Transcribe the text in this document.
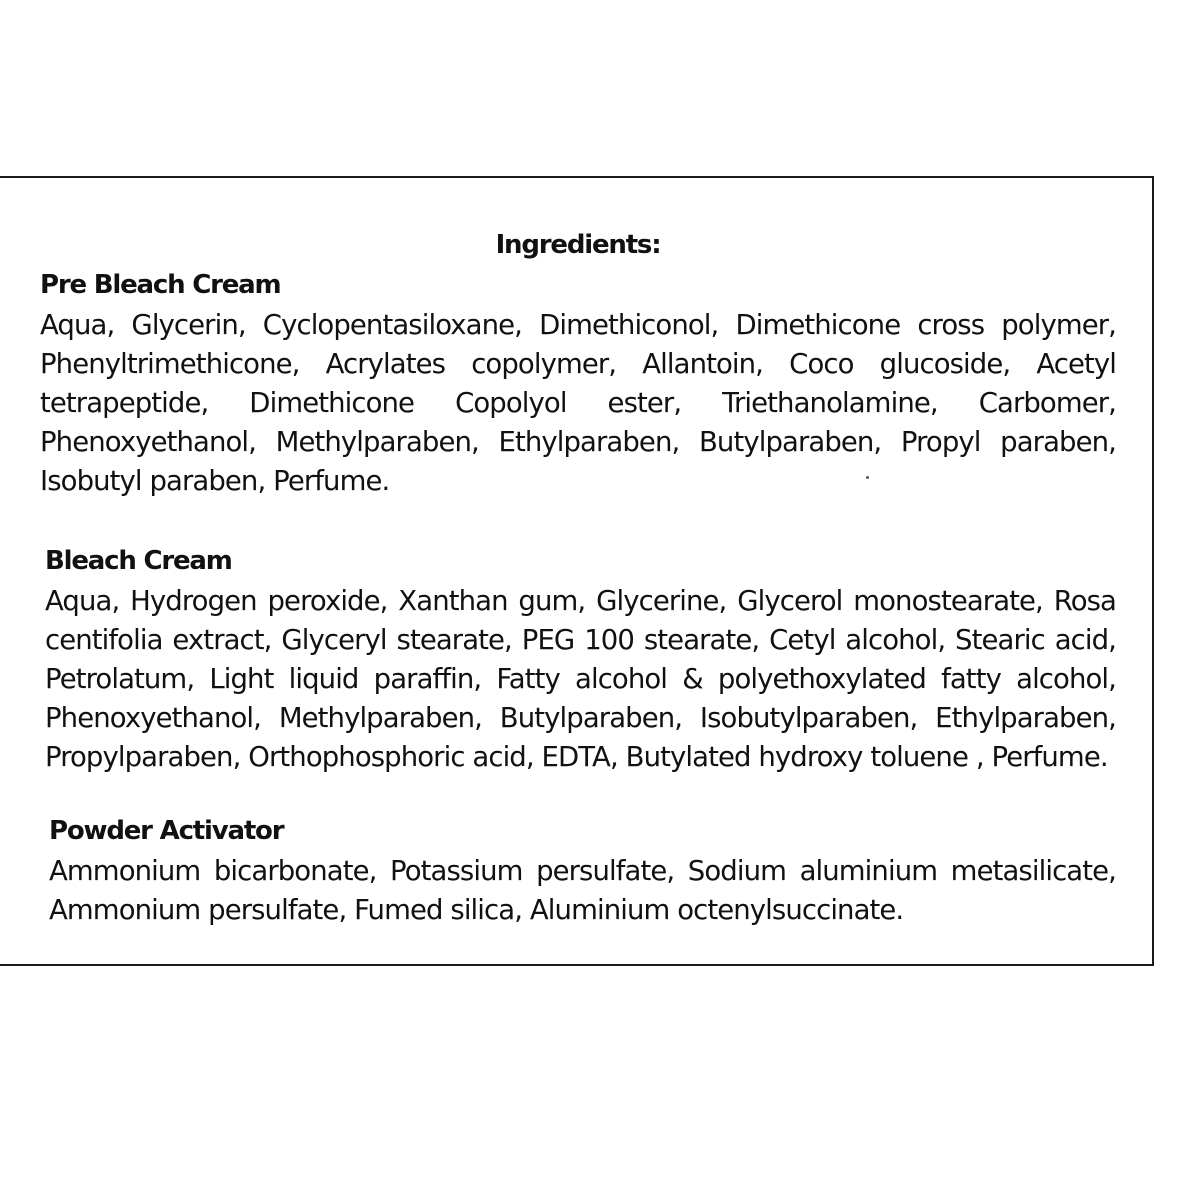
Ingredients:

Pre Bleach Cream

Aqua, Glycerin, Cyclopentasiloxane, Dimethiconol, Dimethicone cross polymer, Phenyltrimethicone, Acrylates copolymer, Allantoin, Coco glucoside, Acetyl tetrapeptide, Dimethicone Copolyol ester, Triethanolamine, Carbomer, Phenoxyethanol, Methylparaben, Ethylparaben, Butylparaben, Propyl paraben, Isobutyl paraben, Perfume.

Bleach Cream

Aqua, Hydrogen peroxide, Xanthan gum, Glycerine, Glycerol monostearate, Rosa centifolia extract, Glyceryl stearate, PEG 100 stearate, Cetyl alcohol, Stearic acid, Petrolatum, Light liquid paraffin, Fatty alcohol & polyethoxylated fatty alcohol, Phenoxyethanol, Methylparaben, Butylparaben, Isobutylparaben, Ethylparaben, Propylparaben, Orthophosphoric acid, EDTA, Butylated hydroxy toluene , Perfume.

Powder Activator

Ammonium bicarbonate, Potassium persulfate, Sodium aluminium metasilicate, Ammonium persulfate, Fumed silica, Aluminium octenylsuccinate.
